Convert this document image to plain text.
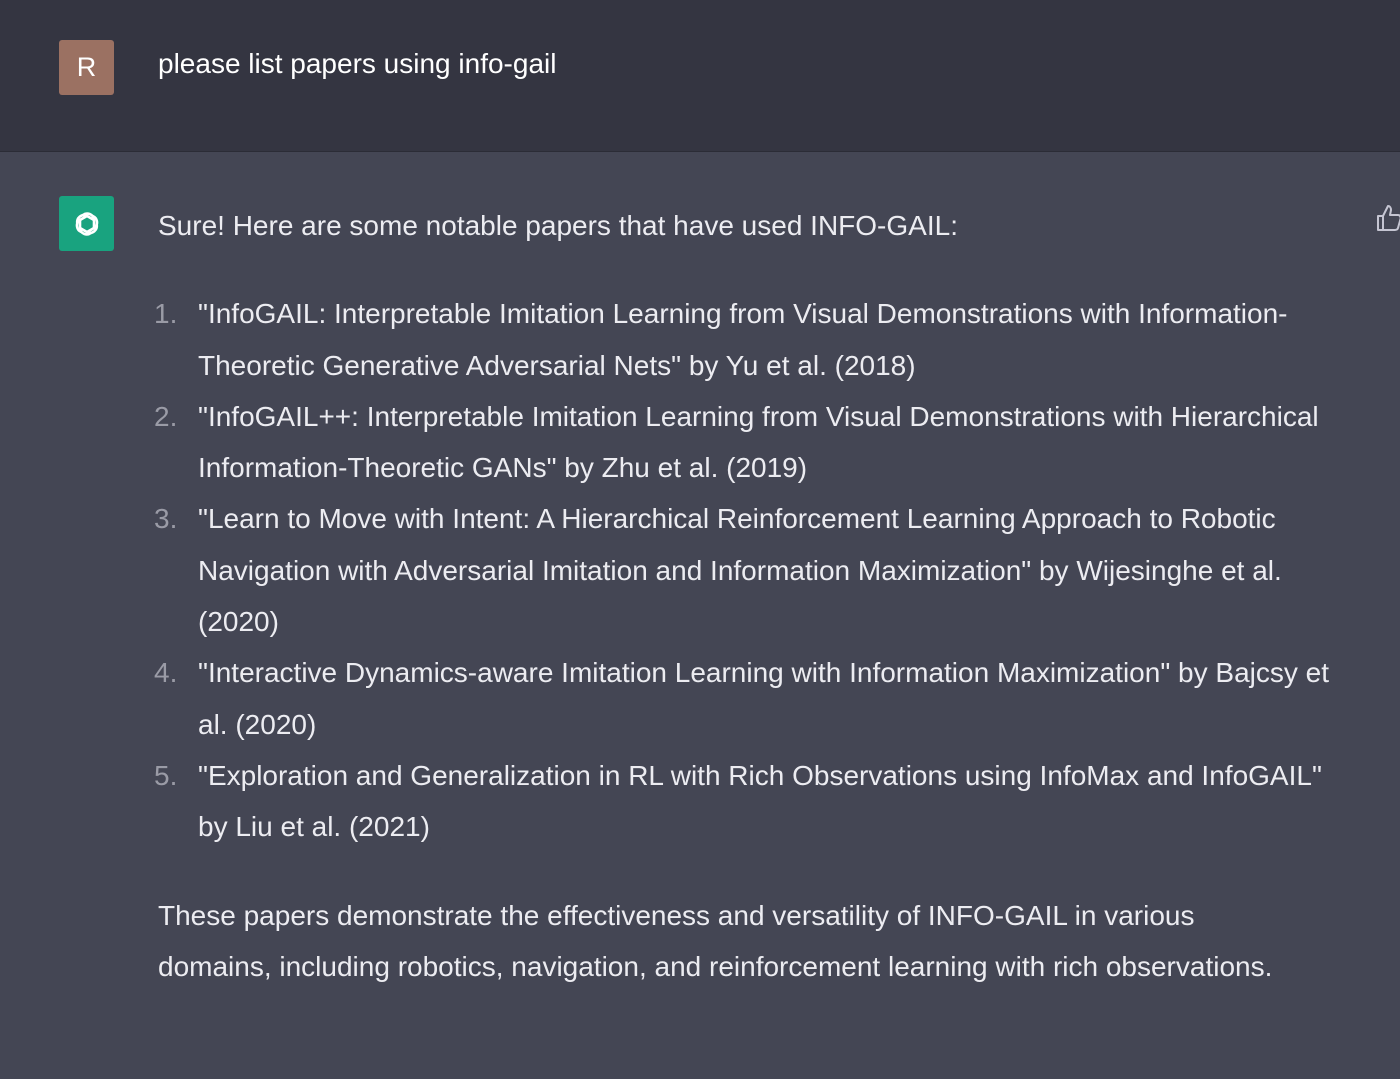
R	please list papers using info-gail
Sure! Here are some notable papers that have used INFO-GAIL:
1. "InfoGAIL: Interpretable Imitation Learning from Visual Demonstrations with Information-Theoretic Generative Adversarial Nets" by Yu et al. (2018)
2. "InfoGAIL++: Interpretable Imitation Learning from Visual Demonstrations with Hierarchical Information-Theoretic GANs" by Zhu et al. (2019)
3. "Learn to Move with Intent: A Hierarchical Reinforcement Learning Approach to Robotic Navigation with Adversarial Imitation and Information Maximization" by Wijesinghe et al. (2020)
4. "Interactive Dynamics-aware Imitation Learning with Information Maximization" by Bajcsy et al. (2020)
5. "Exploration and Generalization in RL with Rich Observations using InfoMax and InfoGAIL" by Liu et al. (2021)
These papers demonstrate the effectiveness and versatility of INFO-GAIL in various domains, including robotics, navigation, and reinforcement learning with rich observations.
